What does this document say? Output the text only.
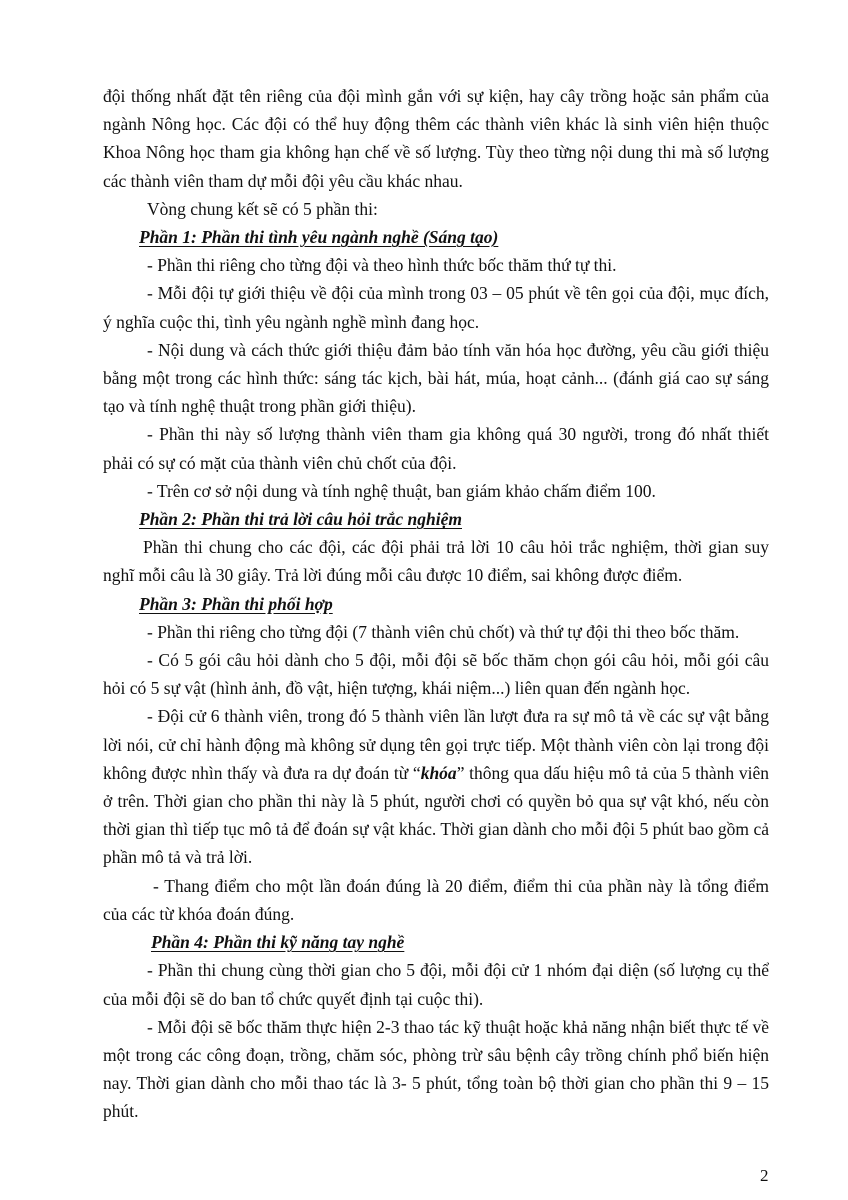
đội thống nhất đặt tên riêng của đội mình gắn với sự kiện, hay cây trồng hoặc sản phẩm của ngành Nông học. Các đội có thể huy động thêm các thành viên khác là sinh viên hiện thuộc Khoa Nông học tham gia không hạn chế về số lượng. Tùy theo từng nội dung thi mà số lượng các thành viên tham dự mỗi đội yêu cầu khác nhau.

Vòng chung kết sẽ có 5 phần thi:

Phần 1: Phần thi tình yêu ngành nghề (Sáng tạo)

- Phần thi riêng cho từng đội và theo hình thức bốc thăm thứ tự thi.

- Mỗi đội tự giới thiệu về đội của mình trong 03 – 05 phút về tên gọi của đội, mục đích, ý nghĩa cuộc thi, tình yêu ngành nghề mình đang học.

- Nội dung và cách thức giới thiệu đảm bảo tính văn hóa học đường, yêu cầu giới thiệu bằng một trong các hình thức: sáng tác kịch, bài hát, múa, hoạt cảnh... (đánh giá cao sự sáng tạo và tính nghệ thuật trong phần giới thiệu).

- Phần thi này số lượng thành viên tham gia không quá 30 người, trong đó nhất thiết phải có sự có mặt của thành viên chủ chốt của đội.

- Trên cơ sở nội dung và tính nghệ thuật, ban giám khảo chấm điểm 100.

Phần 2: Phần thi trả lời câu hỏi trắc nghiệm

Phần thi chung cho các đội, các đội phải trả lời 10 câu hỏi trắc nghiệm, thời gian suy nghĩ mỗi câu là 30 giây. Trả lời đúng mỗi câu được 10 điểm, sai không được điểm.

Phần 3: Phần thi phối hợp

- Phần thi riêng cho từng đội (7 thành viên chủ chốt) và thứ tự đội thi theo bốc thăm.

- Có 5 gói câu hỏi dành cho 5 đội, mỗi đội sẽ bốc thăm chọn gói câu hỏi, mỗi gói câu hỏi có 5 sự vật (hình ảnh, đồ vật, hiện tượng, khái niệm...) liên quan đến ngành học.

- Đội cử 6 thành viên, trong đó 5 thành viên lần lượt đưa ra sự mô tả về các sự vật bằng lời nói, cử chỉ hành động mà không sử dụng tên gọi trực tiếp. Một thành viên còn lại trong đội không được nhìn thấy và đưa ra dự đoán từ “khóa” thông qua dấu hiệu mô tả của 5 thành viên ở trên. Thời gian cho phần thi này là 5 phút, người chơi có quyền bỏ qua sự vật khó, nếu còn thời gian thì tiếp tục mô tả để đoán sự vật khác. Thời gian dành cho mỗi đội 5 phút bao gồm cả phần mô tả và trả lời.

- Thang điểm cho một lần đoán đúng là 20 điểm, điểm thi của phần này là tổng điểm của các từ khóa đoán đúng.

Phần 4: Phần thi kỹ năng tay nghề

- Phần thi chung cùng thời gian cho 5 đội, mỗi đội cử 1 nhóm đại diện (số lượng cụ thể của mỗi đội sẽ do ban tổ chức quyết định tại cuộc thi).

- Mỗi đội sẽ bốc thăm thực hiện 2-3 thao tác kỹ thuật hoặc khả năng nhận biết thực tế về một trong các công đoạn, trồng, chăm sóc, phòng trừ sâu bệnh cây trồng chính phổ biến hiện nay. Thời gian dành cho mỗi thao tác là 3- 5 phút, tổng toàn bộ thời gian cho phần thi 9 – 15 phút.

2
